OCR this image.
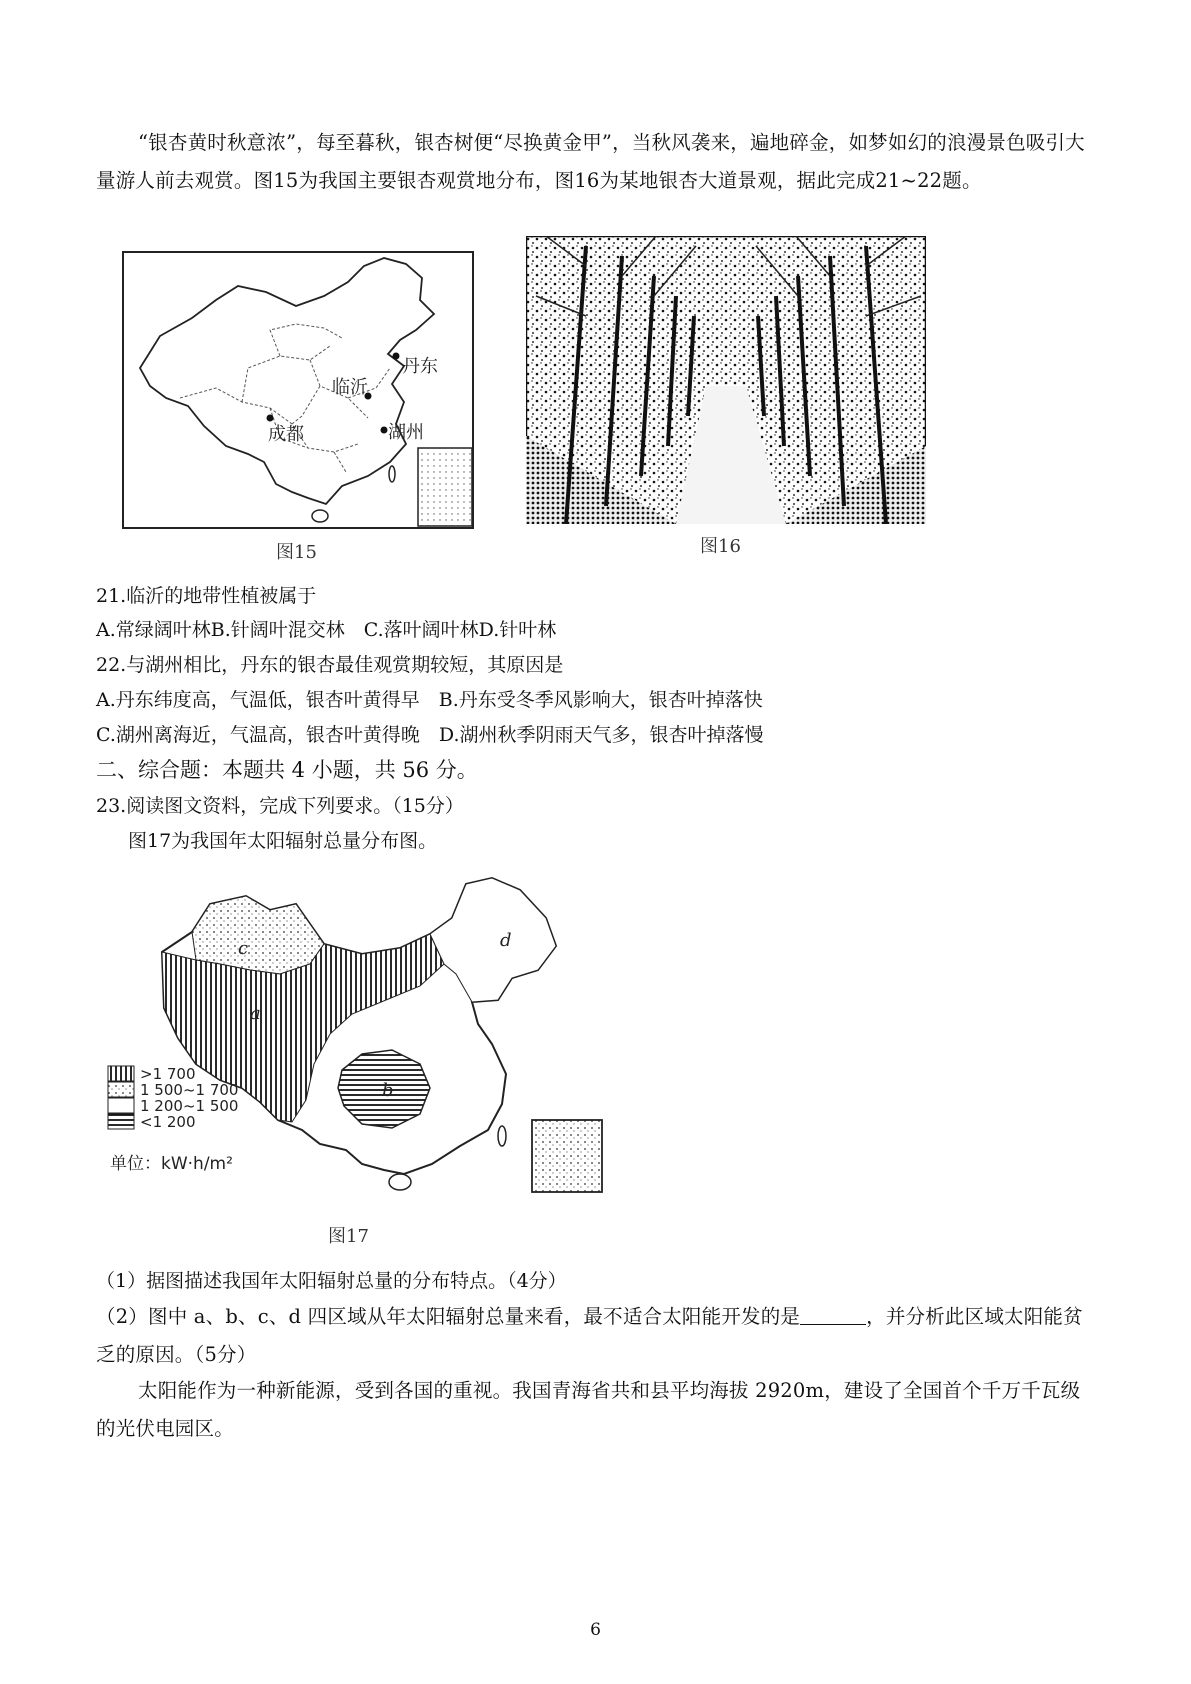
“银杏黄时秋意浓”，每至暮秋，银杏树便“尽换黄金甲”，当秋风袭来，遍地碎金，如梦如幻的浪漫景色吸引大量游人前去观赏。图15为我国主要银杏观赏地分布，图16为某地银杏大道景观，据此完成21~22题。
丹东
临沂
成都	湖州
图15	图16
21.临沂的地带性植被属于
A.常绿阔叶林B.针阔叶混交林　C.落叶阔叶林D.针叶林
22.与湖州相比，丹东的银杏最佳观赏期较短，其原因是
A.丹东纬度高，气温低，银杏叶黄得早　B.丹东受冬季风影响大，银杏叶掉落快
C.湖州离海近，气温高，银杏叶黄得晚　D.湖州秋季阴雨天气多，银杏叶掉落慢
二、综合题：本题共 4 小题，共 56 分。
23.阅读图文资料，完成下列要求。（15分）
图17为我国年太阳辐射总量分布图。
a
b
c	d
>1 700
1 500~1 700
1 200~1 500
<1 200
单位：kW·h/m²
图17
（1）据图描述我国年太阳辐射总量的分布特点。（4分）
（2）图中 a、b、c、d 四区域从年太阳辐射总量来看，最不适合太阳能开发的是	，并分析此区域太阳能贫乏的原因。（5分）
太阳能作为一种新能源，受到各国的重视。我国青海省共和县平均海拔 2920m，建设了全国首个千万千瓦级的光伏电园区。
6
